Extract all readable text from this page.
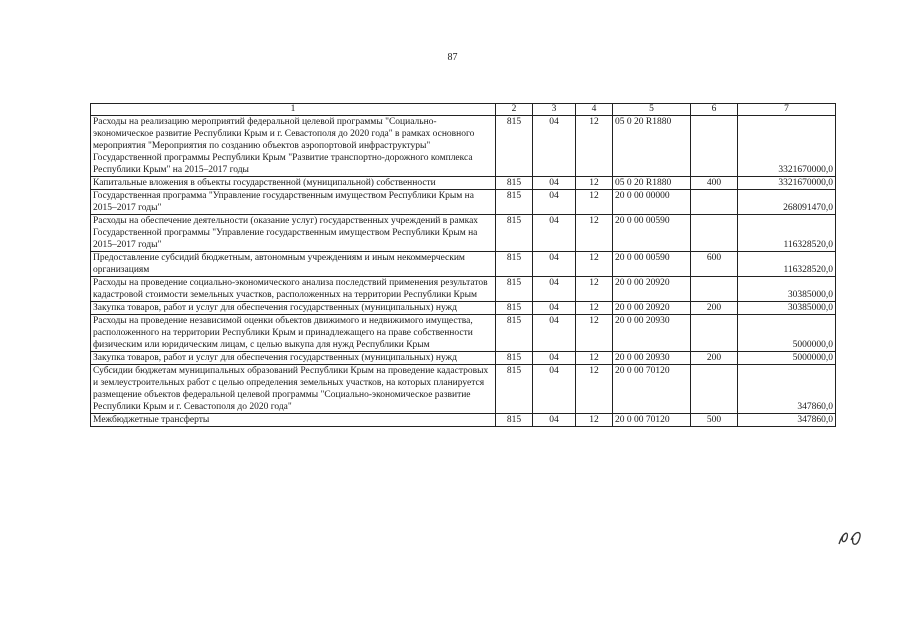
87
1	2	3	4	5	6	7
Расходы на реализацию мероприятий федеральной целевой программы "Социально-экономическое развитие Республики Крым и г. Севастополя до 2020 года" в рамках основного мероприятия "Мероприятия по созданию объектов аэропортовой инфраструктуры" Государственной программы Республики Крым "Развитие транспортно-дорожного комплекса Республики Крым" на 2015–2017 годы	815	04	12	05 0 20 R1880		3321670000,0
Капитальные вложения в объекты государственной (муниципальной) собственности	815	04	12	05 0 20 R1880	400	3321670000,0
Государственная программа "Управление государственным имуществом Республики Крым на 2015–2017 годы"	815	04	12	20 0 00 00000		268091470,0
Расходы на обеспечение деятельности (оказание услуг) государственных учреждений в рамках Государственной программы "Управление государственным имуществом Республики Крым на 2015–2017 годы"	815	04	12	20 0 00 00590		116328520,0
Предоставление субсидий бюджетным, автономным учреждениям и иным некоммерческим организациям	815	04	12	20 0 00 00590	600	116328520,0
Расходы на проведение социально-экономического анализа последствий применения результатов кадастровой стоимости земельных участков, расположенных на территории Республики Крым	815	04	12	20 0 00 20920		30385000,0
Закупка товаров, работ и услуг для обеспечения государственных (муниципальных) нужд	815	04	12	20 0 00 20920	200	30385000,0
Расходы на проведение независимой оценки объектов движимого и недвижимого имущества, расположенного на территории Республики Крым и принадлежащего на праве собственности физическим или юридическим лицам, с целью выкупа для нужд Республики Крым	815	04	12	20 0 00 20930		5000000,0
Закупка товаров, работ и услуг для обеспечения государственных (муниципальных) нужд	815	04	12	20 0 00 20930	200	5000000,0
Субсидии бюджетам муниципальных образований Республики Крым на проведение кадастровых и землеустроительных работ с целью определения земельных участков, на которых планируется размещение объектов федеральной целевой программы "Социально-экономическое развитие Республики Крым и г. Севастополя до 2020 года"	815	04	12	20 0 00 70120		347860,0
Межбюджетные трансферты	815	04	12	20 0 00 70120	500	347860,0
